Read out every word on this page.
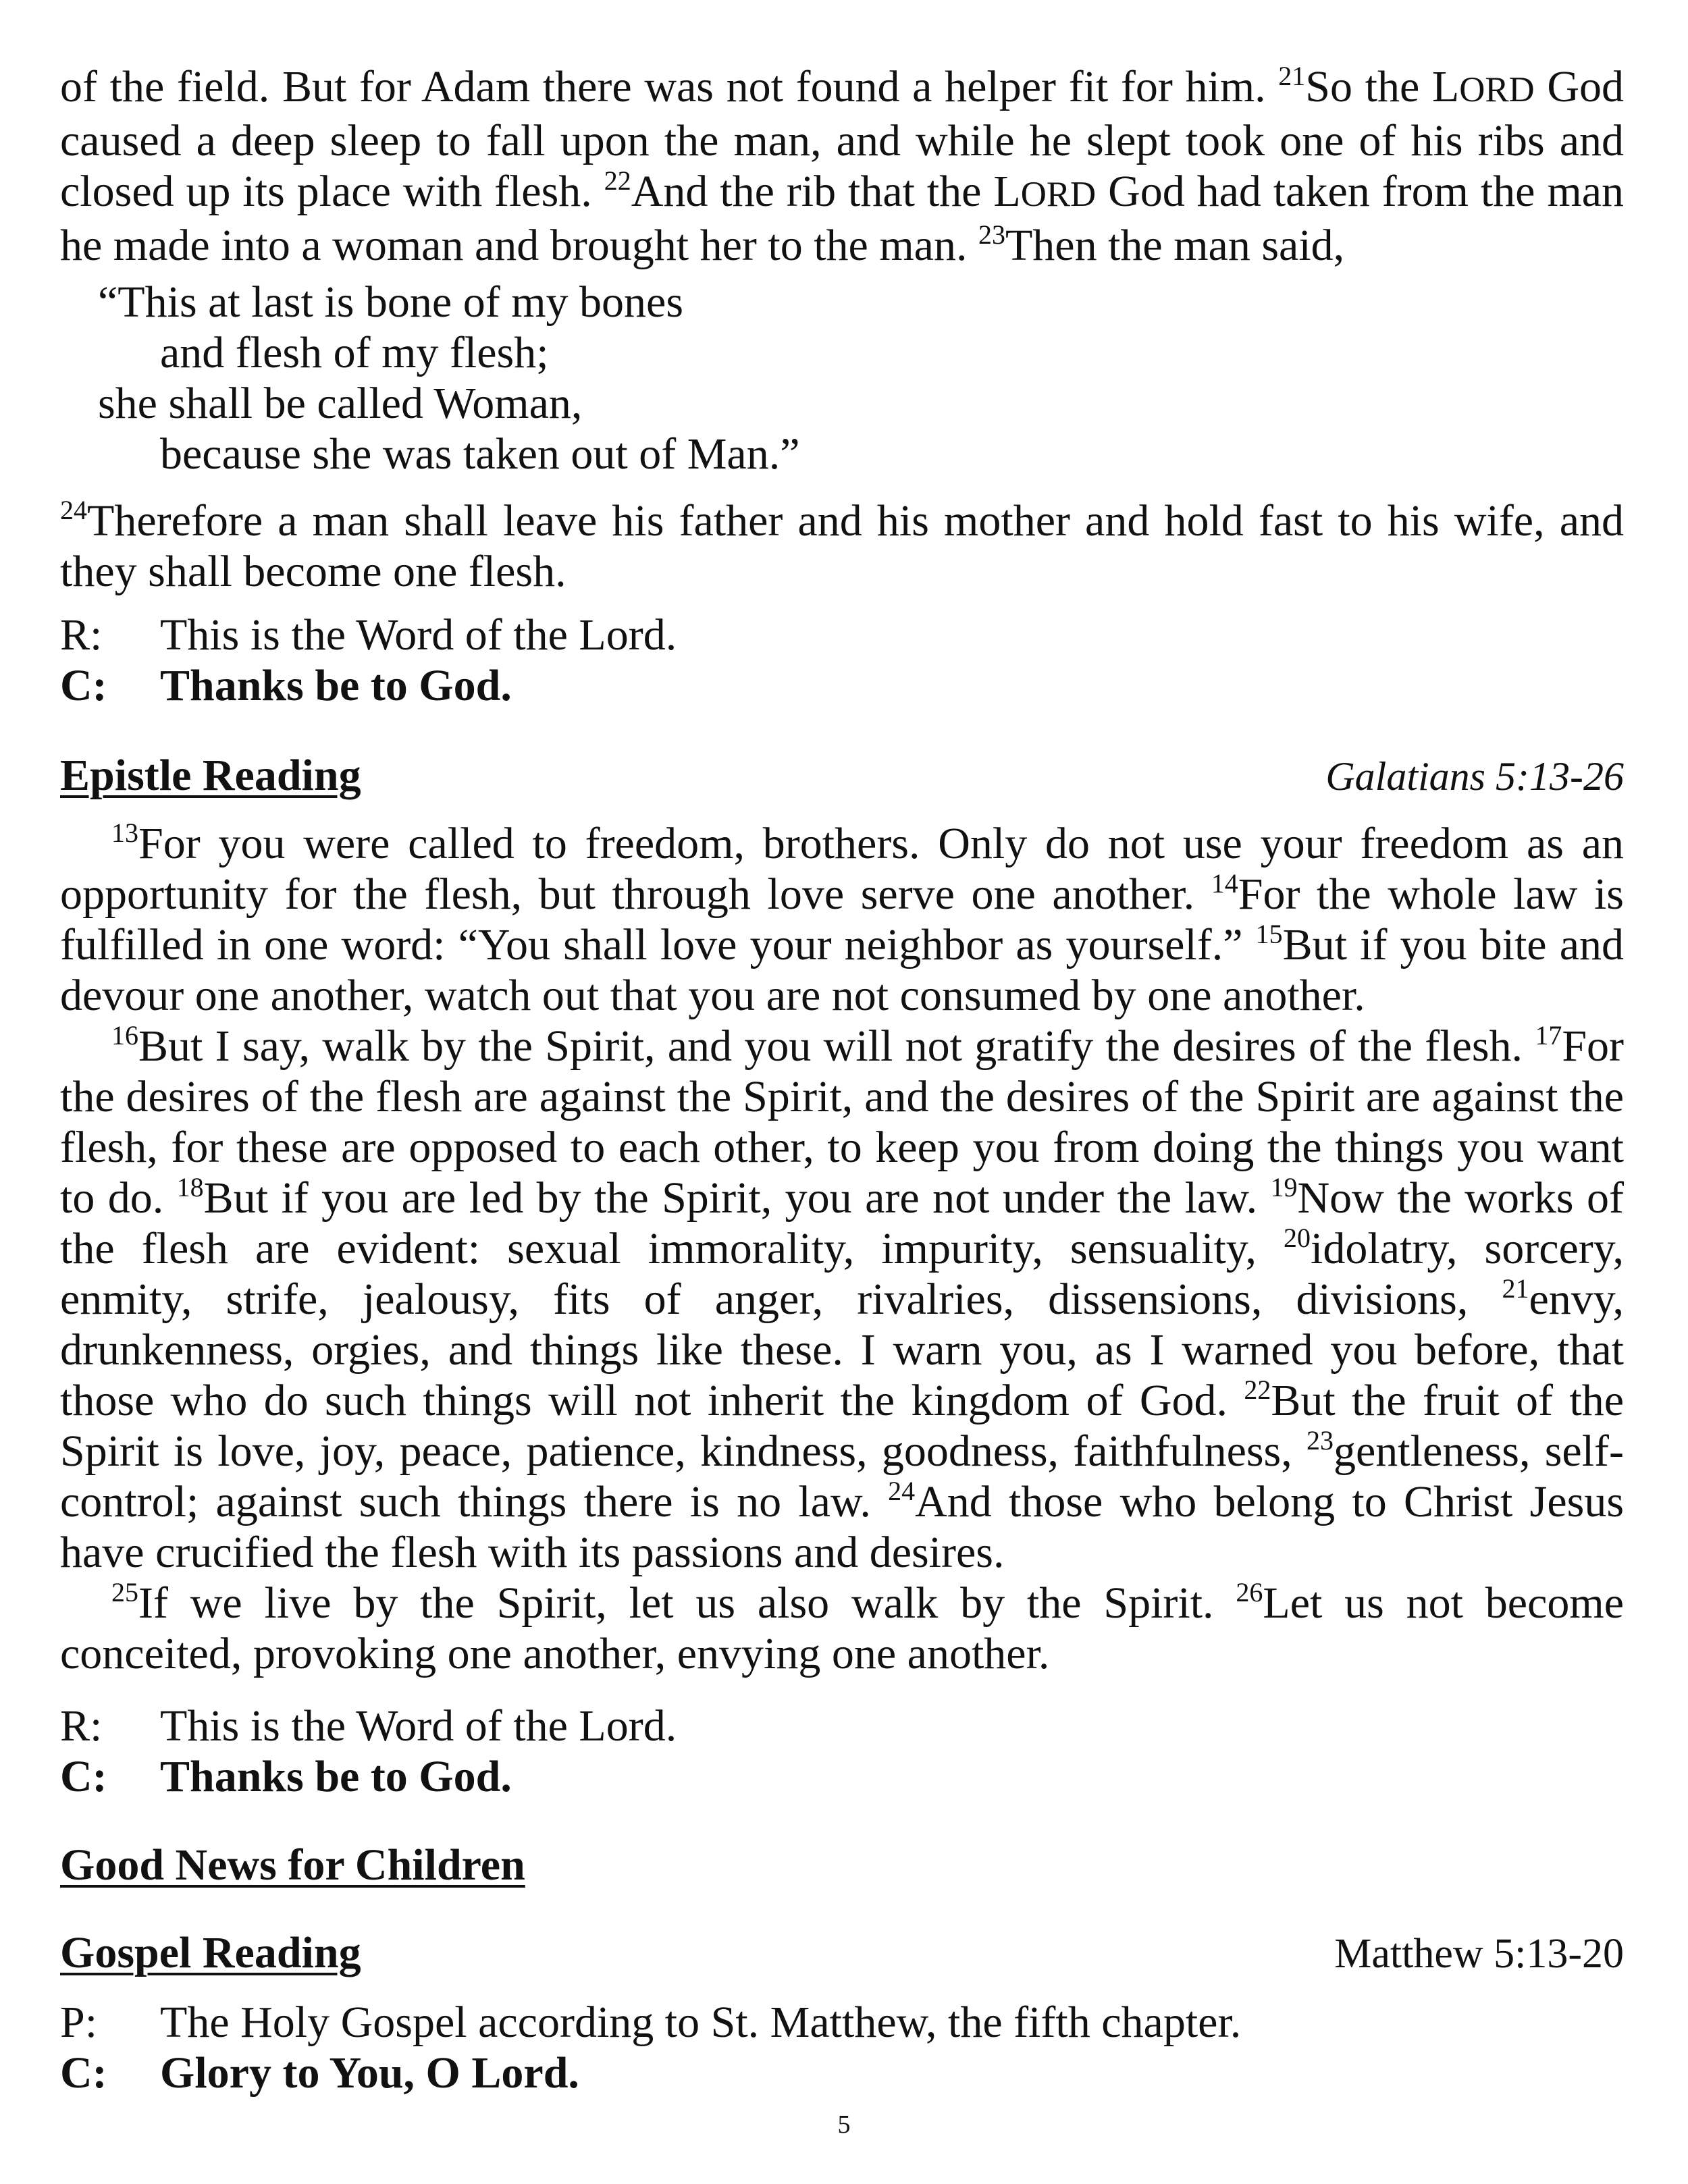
of the field. But for Adam there was not found a helper fit for him. $^{21}$So the LORD God caused a deep sleep to fall upon the man, and while he slept took one of his ribs and closed up its place with flesh. $^{22}$And the rib that the LORD God had taken from the man he made into a woman and brought her to the man. $^{23}$Then the man said,
“This at last is bone of my bones
and flesh of my flesh;
she shall be called Woman,
because she was taken out of Man.”
$^{24}$Therefore a man shall leave his father and his mother and hold fast to his wife, and they shall become one flesh.
R:	This is the Word of the Lord.
C:	Thanks be to God.
Epistle Reading	Galatians 5:13-26
$^{13}$For you were called to freedom, brothers. Only do not use your freedom as an opportunity for the flesh, but through love serve one another. $^{14}$For the whole law is fulfilled in one word: “You shall love your neighbor as yourself.” $^{15}$But if you bite and devour one another, watch out that you are not consumed by one another.
$^{16}$But I say, walk by the Spirit, and you will not gratify the desires of the flesh. $^{17}$For the desires of the flesh are against the Spirit, and the desires of the Spirit are against the flesh, for these are opposed to each other, to keep you from doing the things you want to do. $^{18}$But if you are led by the Spirit, you are not under the law. $^{19}$Now the works of the flesh are evident: sexual immorality, impurity, sensuality, $^{20}$idolatry, sorcery, enmity, strife, jealousy, fits of anger, rivalries, dissensions, divisions, $^{21}$envy, drunkenness, orgies, and things like these. I warn you, as I warned you before, that those who do such things will not inherit the kingdom of God. $^{22}$But the fruit of the Spirit is love, joy, peace, patience, kindness, goodness, faithfulness, $^{23}$gentleness, self-control; against such things there is no law. $^{24}$And those who belong to Christ Jesus have crucified the flesh with its passions and desires.
$^{25}$If we live by the Spirit, let us also walk by the Spirit. $^{26}$Let us not become conceited, provoking one another, envying one another.
R:	This is the Word of the Lord.
C:	Thanks be to God.
Good News for Children
Gospel Reading	Matthew 5:13-20
P:	The Holy Gospel according to St. Matthew, the fifth chapter.
C:	Glory to You, O Lord.
5
